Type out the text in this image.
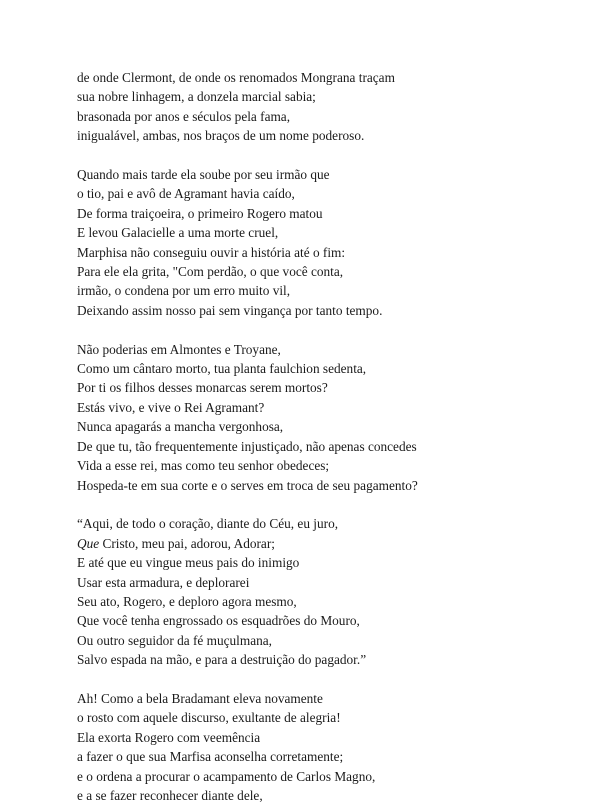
de onde Clermont, de onde os renomados Mongrana traçam
sua nobre linhagem, a donzela marcial sabia;
brasonada por anos e séculos pela fama,
inigualável, ambas, nos braços de um nome poderoso.
Quando mais tarde ela soube por seu irmão que
o tio, pai e avô de Agramant havia caído,
De forma traiçoeira, o primeiro Rogero matou
E levou Galacielle a uma morte cruel,
Marphisa não conseguiu ouvir a história até o fim:
Para ele ela grita, "Com perdão, o que você conta,
irmão, o condena por um erro muito vil,
Deixando assim nosso pai sem vingança por tanto tempo.
Não poderias em Almontes e Troyane,
Como um cântaro morto, tua planta faulchion sedenta,
Por ti os filhos desses monarcas serem mortos?
Estás vivo, e vive o Rei Agramant?
Nunca apagarás a mancha vergonhosa,
De que tu, tão frequentemente injustiçado, não apenas concedes
Vida a esse rei, mas como teu senhor obedeces;
Hospeda-te em sua corte e o serves em troca de seu pagamento?
“Aqui, de todo o coração, diante do Céu, eu juro,
Que Cristo, meu pai, adorou, Adorar;
E até que eu vingue meus pais do inimigo
Usar esta armadura, e deplorarei
Seu ato, Rogero, e deploro agora mesmo,
Que você tenha engrossado os esquadrões do Mouro,
Ou outro seguidor da fé muçulmana,
Salvo espada na mão, e para a destruição do pagador.”
Ah! Como a bela Bradamant eleva novamente
o rosto com aquele discurso, exultante de alegria!
Ela exorta Rogero com veemência
a fazer o que sua Marfisa aconselha corretamente;
e o ordena a procurar o acampamento de Carlos Magno,
e a se fazer reconhecer diante dele,
